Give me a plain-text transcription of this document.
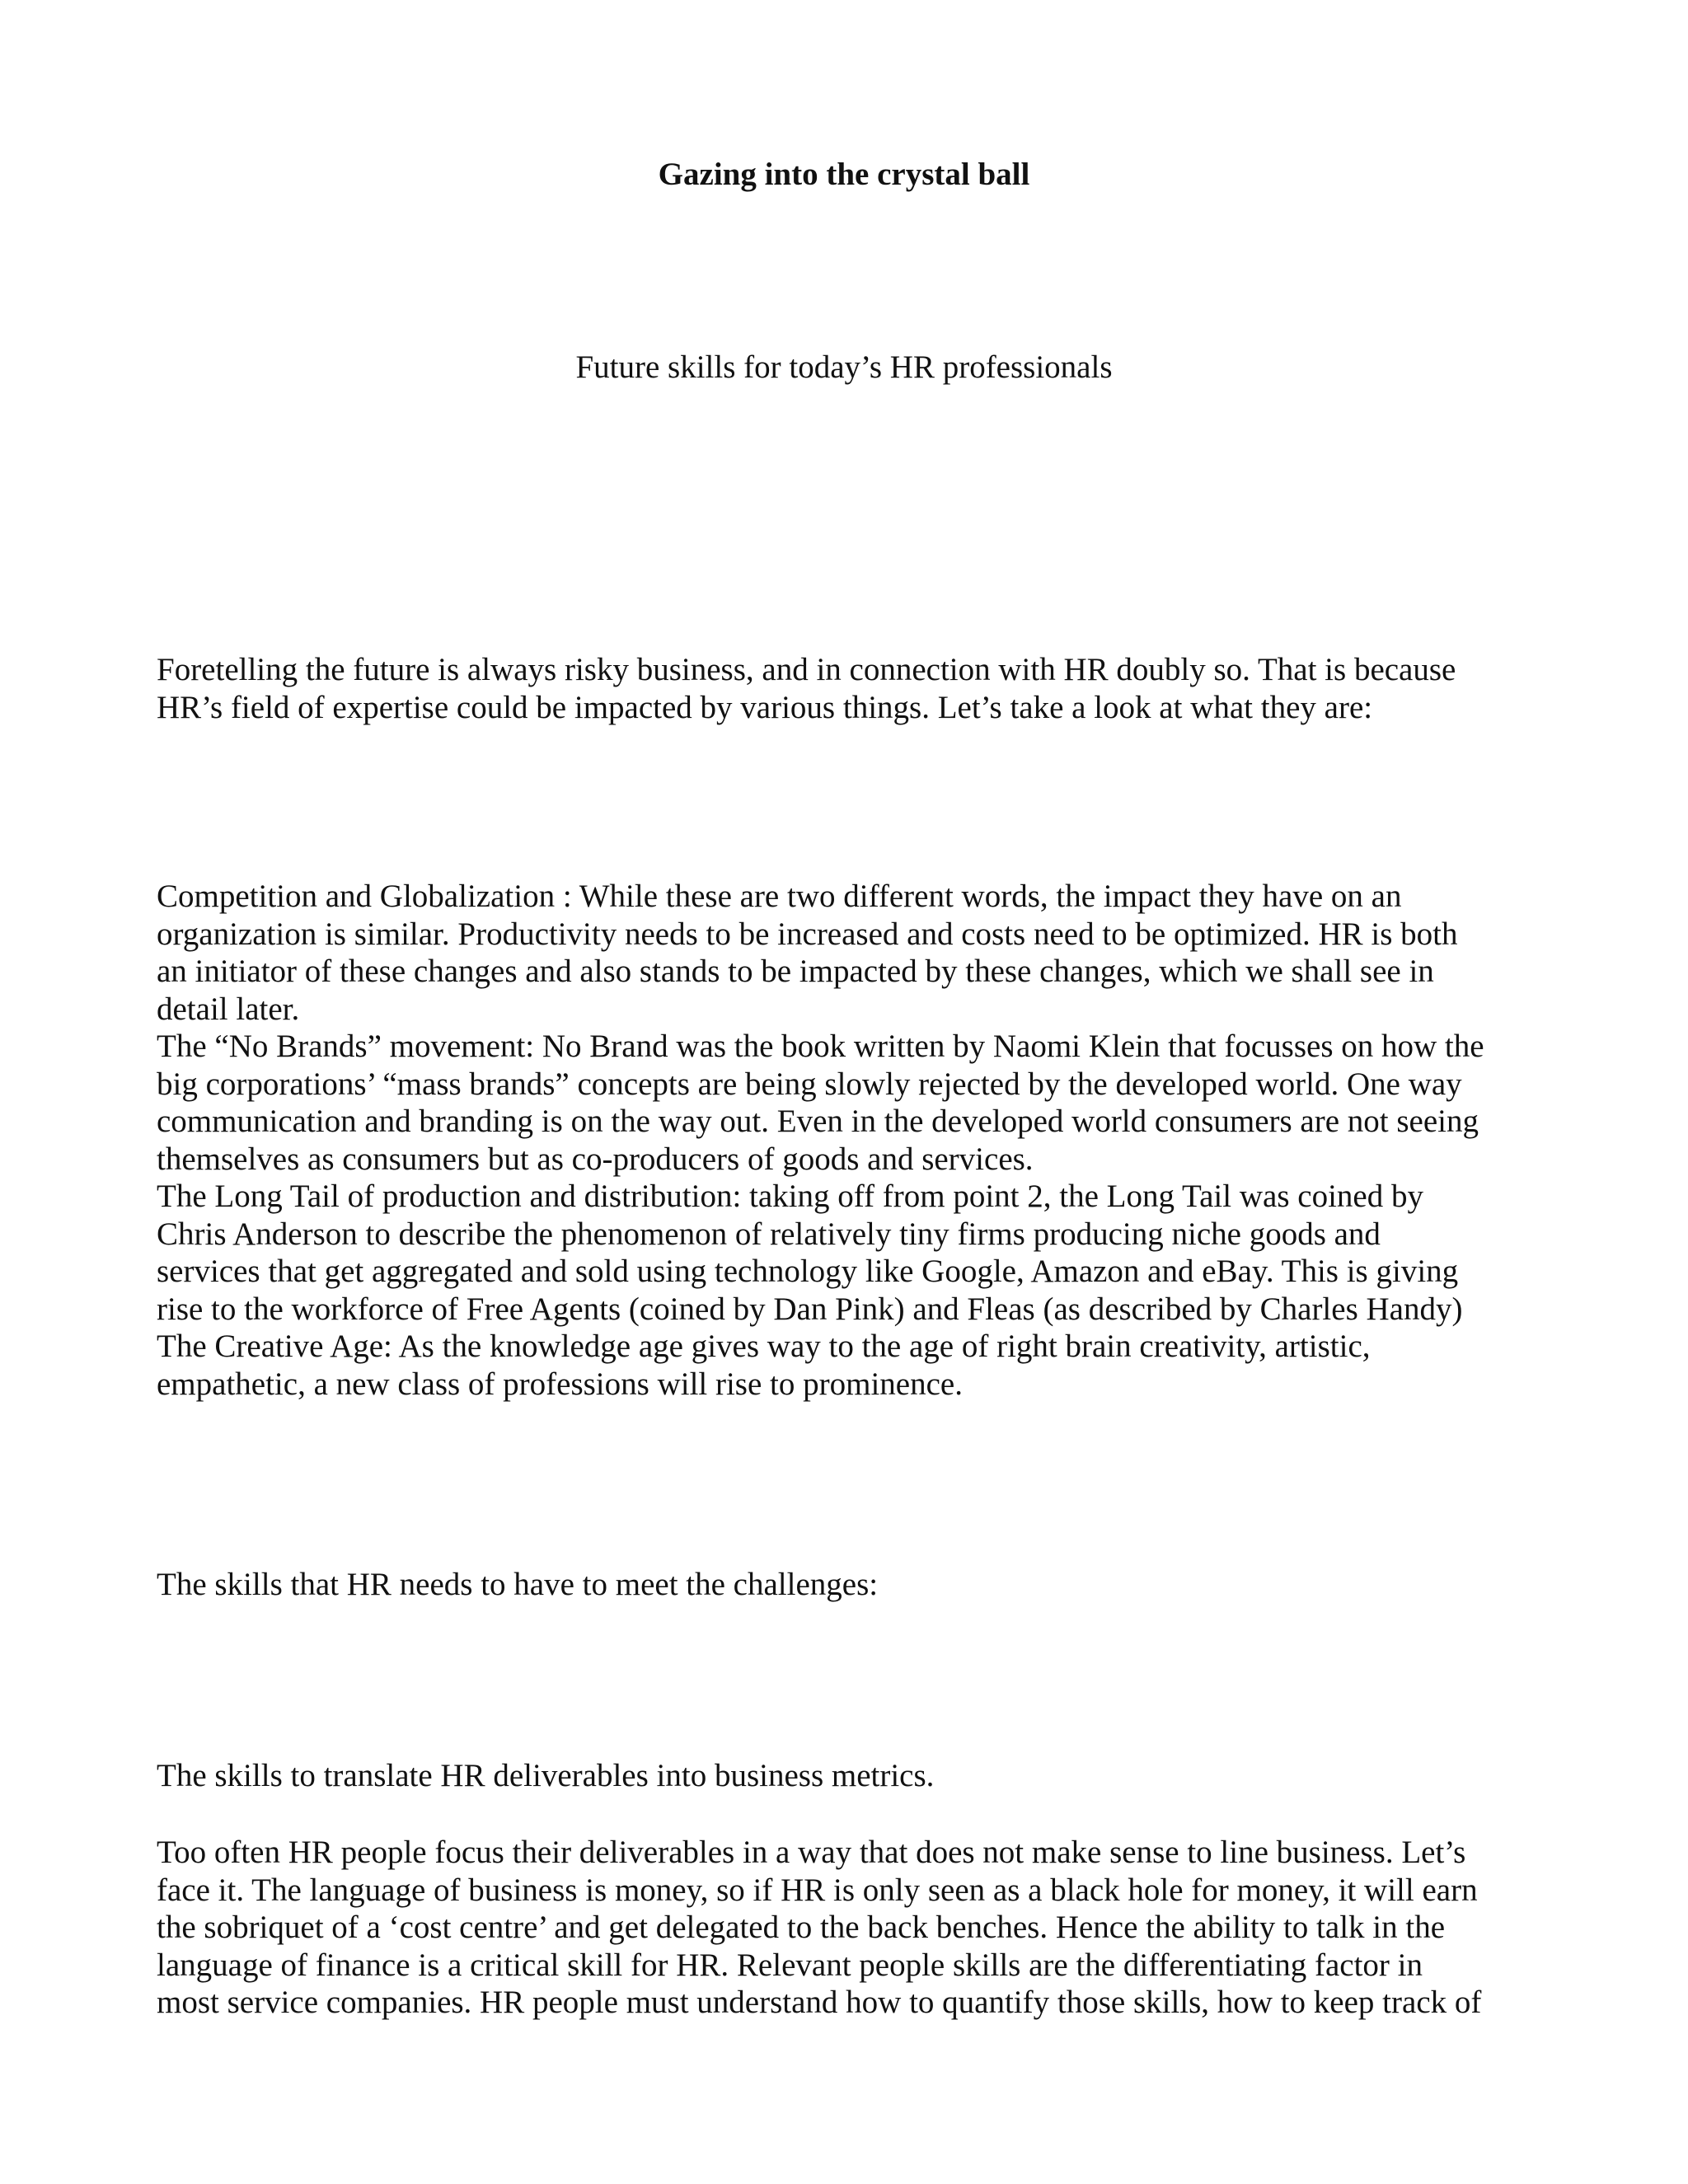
Gazing into the crystal ball

Future skills for today’s HR professionals

Foretelling the future is always risky business, and in connection with HR doubly so. That is because

HR’s field of expertise could be impacted by various things. Let’s take a look at what they are:

Competition and Globalization : While these are two different words, the impact they have on an

organization is similar. Productivity needs to be increased and costs need to be optimized. HR is both

an initiator of these changes and also stands to be impacted by these changes, which we shall see in

detail later.

The “No Brands” movement: No Brand was the book written by Naomi Klein that focusses on how the

big corporations’ “mass brands” concepts are being slowly rejected by the developed world. One way

communication and branding is on the way out. Even in the developed world consumers are not seeing

themselves as consumers but as co-producers of goods and services.

The Long Tail of production and distribution: taking off from point 2, the Long Tail was coined by

Chris Anderson to describe the phenomenon of relatively tiny firms producing niche goods and

services that get aggregated and sold using technology like Google, Amazon and eBay. This is giving

rise to the workforce of Free Agents (coined by Dan Pink) and Fleas (as described by Charles Handy)

The Creative Age: As the knowledge age gives way to the age of right brain creativity, artistic,

empathetic, a new class of professions will rise to prominence.

The skills that HR needs to have to meet the challenges:

The skills to translate HR deliverables into business metrics.

Too often HR people focus their deliverables in a way that does not make sense to line business. Let’s

face it. The language of business is money, so if HR is only seen as a black hole for money, it will earn

the sobriquet of a ‘cost centre’ and get delegated to the back benches. Hence the ability to talk in the

language of finance is a critical skill for HR. Relevant people skills are the differentiating factor in

most service companies. HR people must understand how to quantify those skills, how to keep track of
